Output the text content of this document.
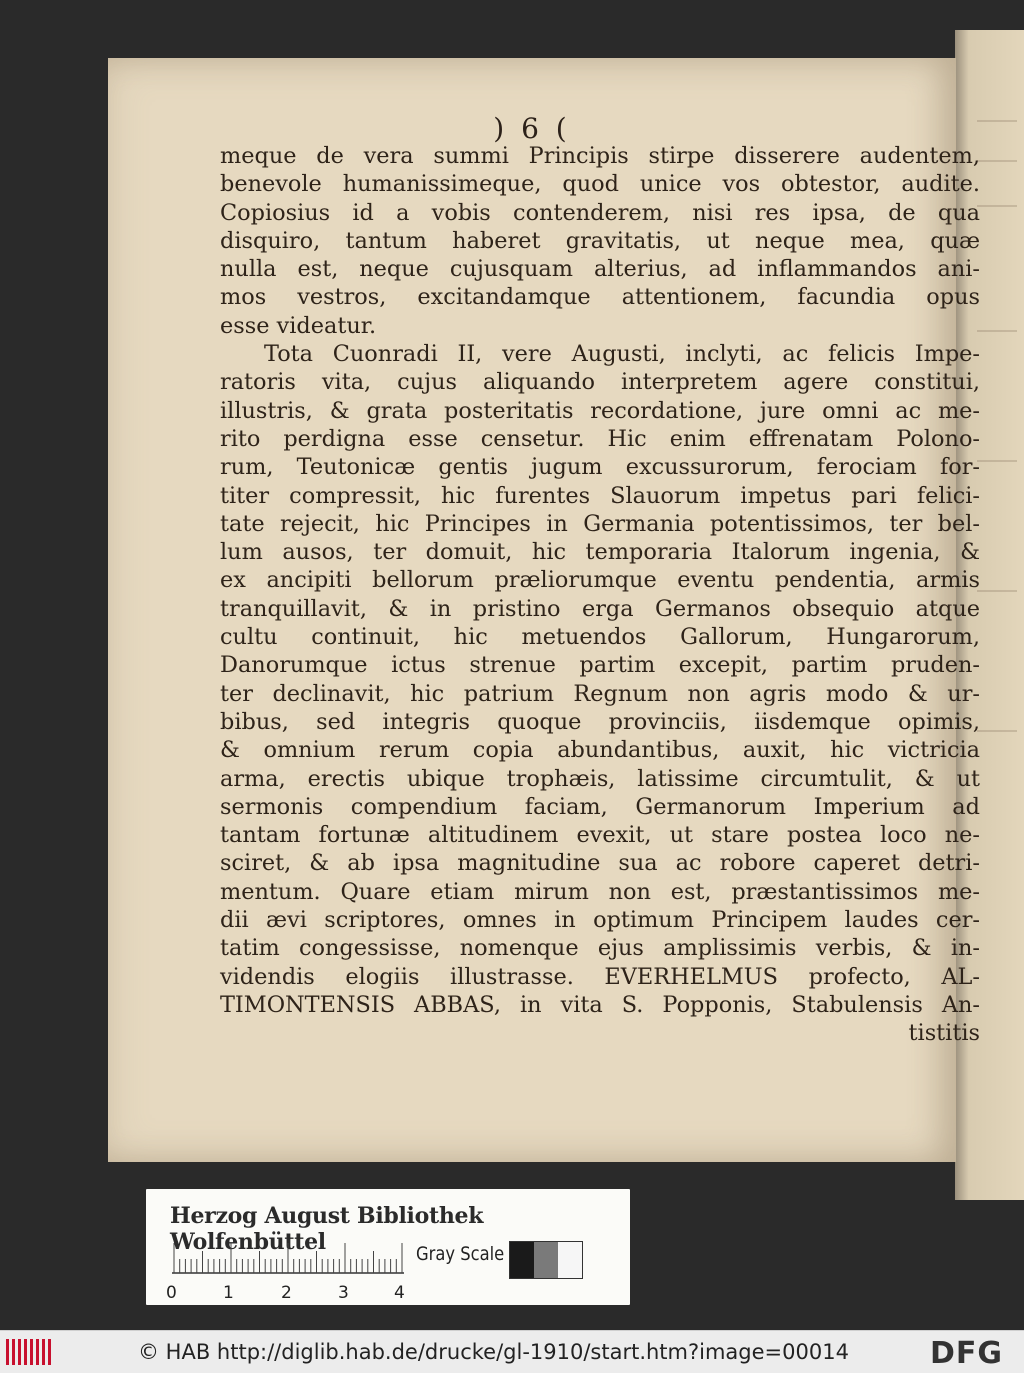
) 6 (
meque de vera summi Principis stirpe disserere audentem,
benevole humanissimeque, quod unice vos obtestor, audite.
Copiosius id a vobis contenderem, nisi res ipsa, de qua
disquiro, tantum haberet gravitatis, ut neque mea, quæ
nulla est, neque cujusquam alterius, ad inflammandos ani-
mos vestros, excitandamque attentionem, facundia opus
esse videatur.
Tota Cuonradi II, vere Augusti, inclyti, ac felicis Impe-
ratoris vita, cujus aliquando interpretem agere constitui,
illustris, & grata posteritatis recordatione, jure omni ac me-
rito perdigna esse censetur. Hic enim effrenatam Polono-
rum, Teutonicæ gentis jugum excussurorum, ferociam for-
titer compressit, hic furentes Slauorum impetus pari felici-
tate rejecit, hic Principes in Germania potentissimos, ter bel-
lum ausos, ter domuit, hic temporaria Italorum ingenia, &
ex ancipiti bellorum præliorumque eventu pendentia, armis
tranquillavit, & in pristino erga Germanos obsequio atque
cultu continuit, hic metuendos Gallorum, Hungarorum,
Danorumque ictus strenue partim excepit, partim pruden-
ter declinavit, hic patrium Regnum non agris modo & ur-
bibus, sed integris quoque provinciis, iisdemque opimis,
& omnium rerum copia abundantibus, auxit, hic victricia
arma, erectis ubique trophæis, latissime circumtulit, & ut
sermonis compendium faciam, Germanorum Imperium ad
tantam fortunæ altitudinem evexit, ut stare postea loco ne-
sciret, & ab ipsa magnitudine sua ac robore caperet detri-
mentum. Quare etiam mirum non est, præstantissimos me-
dii ævi scriptores, omnes in optimum Principem laudes cer-
tatim congessisse, nomenque ejus amplissimis verbis, & in-
videndis elogiis illustrasse. EVERHELMUS profecto, AL-
TIMONTENSIS ABBAS, in vita S. Popponis, Stabulensis An-
tistitis
Herzog August Bibliothek Wolfenbüttel
0	1	2	3	4
Gray Scale
© HAB http://diglib.hab.de/drucke/gl-1910/start.htm?image=00014	DFG
